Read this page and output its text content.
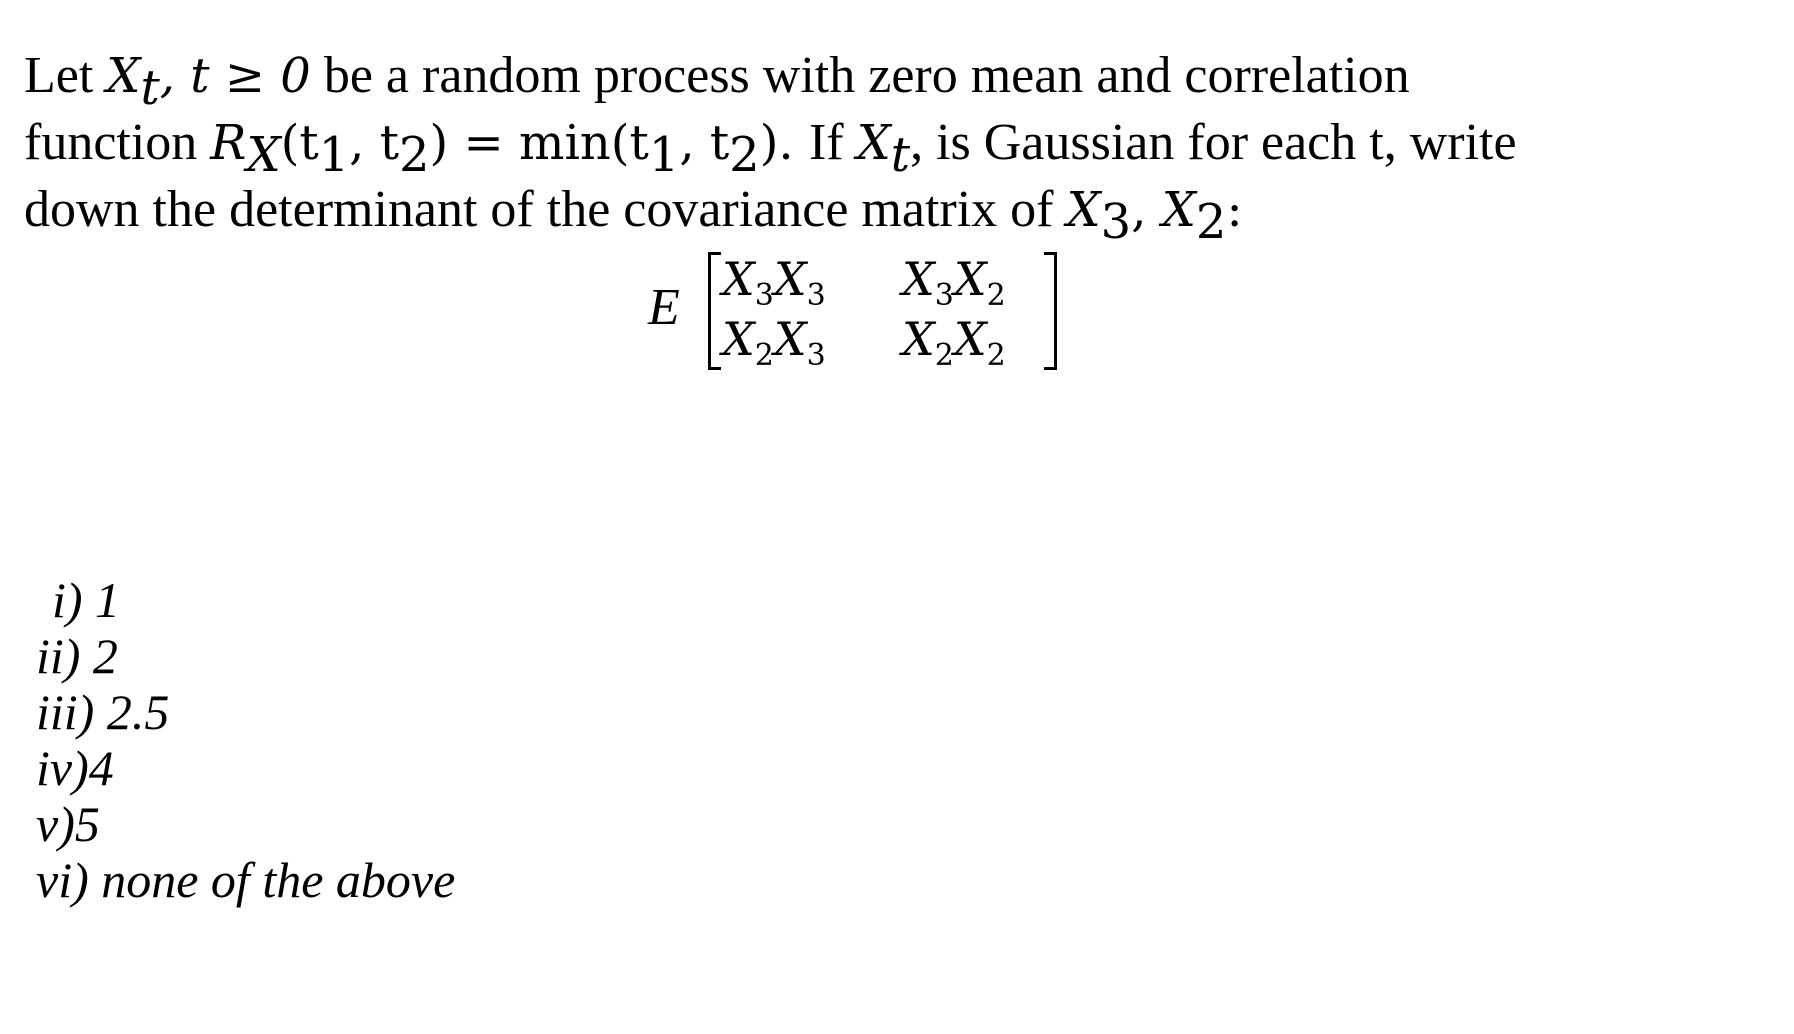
Let $X_t$, t ≥ 0 be a random process with zero mean and correlation
function $R_X(t_1$, $t_2) = \min(t_1$, $t_2$). If $X_t$, is Gaussian for each t, write
down the determinant of the covariance matrix of $X_3$, $X_2$:
E $X_3X_3$ $X_3X_2$
$X_2X_3$ $X_2X_2$
i) 1
ii) 2
iii) 2.5
iv)4
v)5
vi) none of the above
